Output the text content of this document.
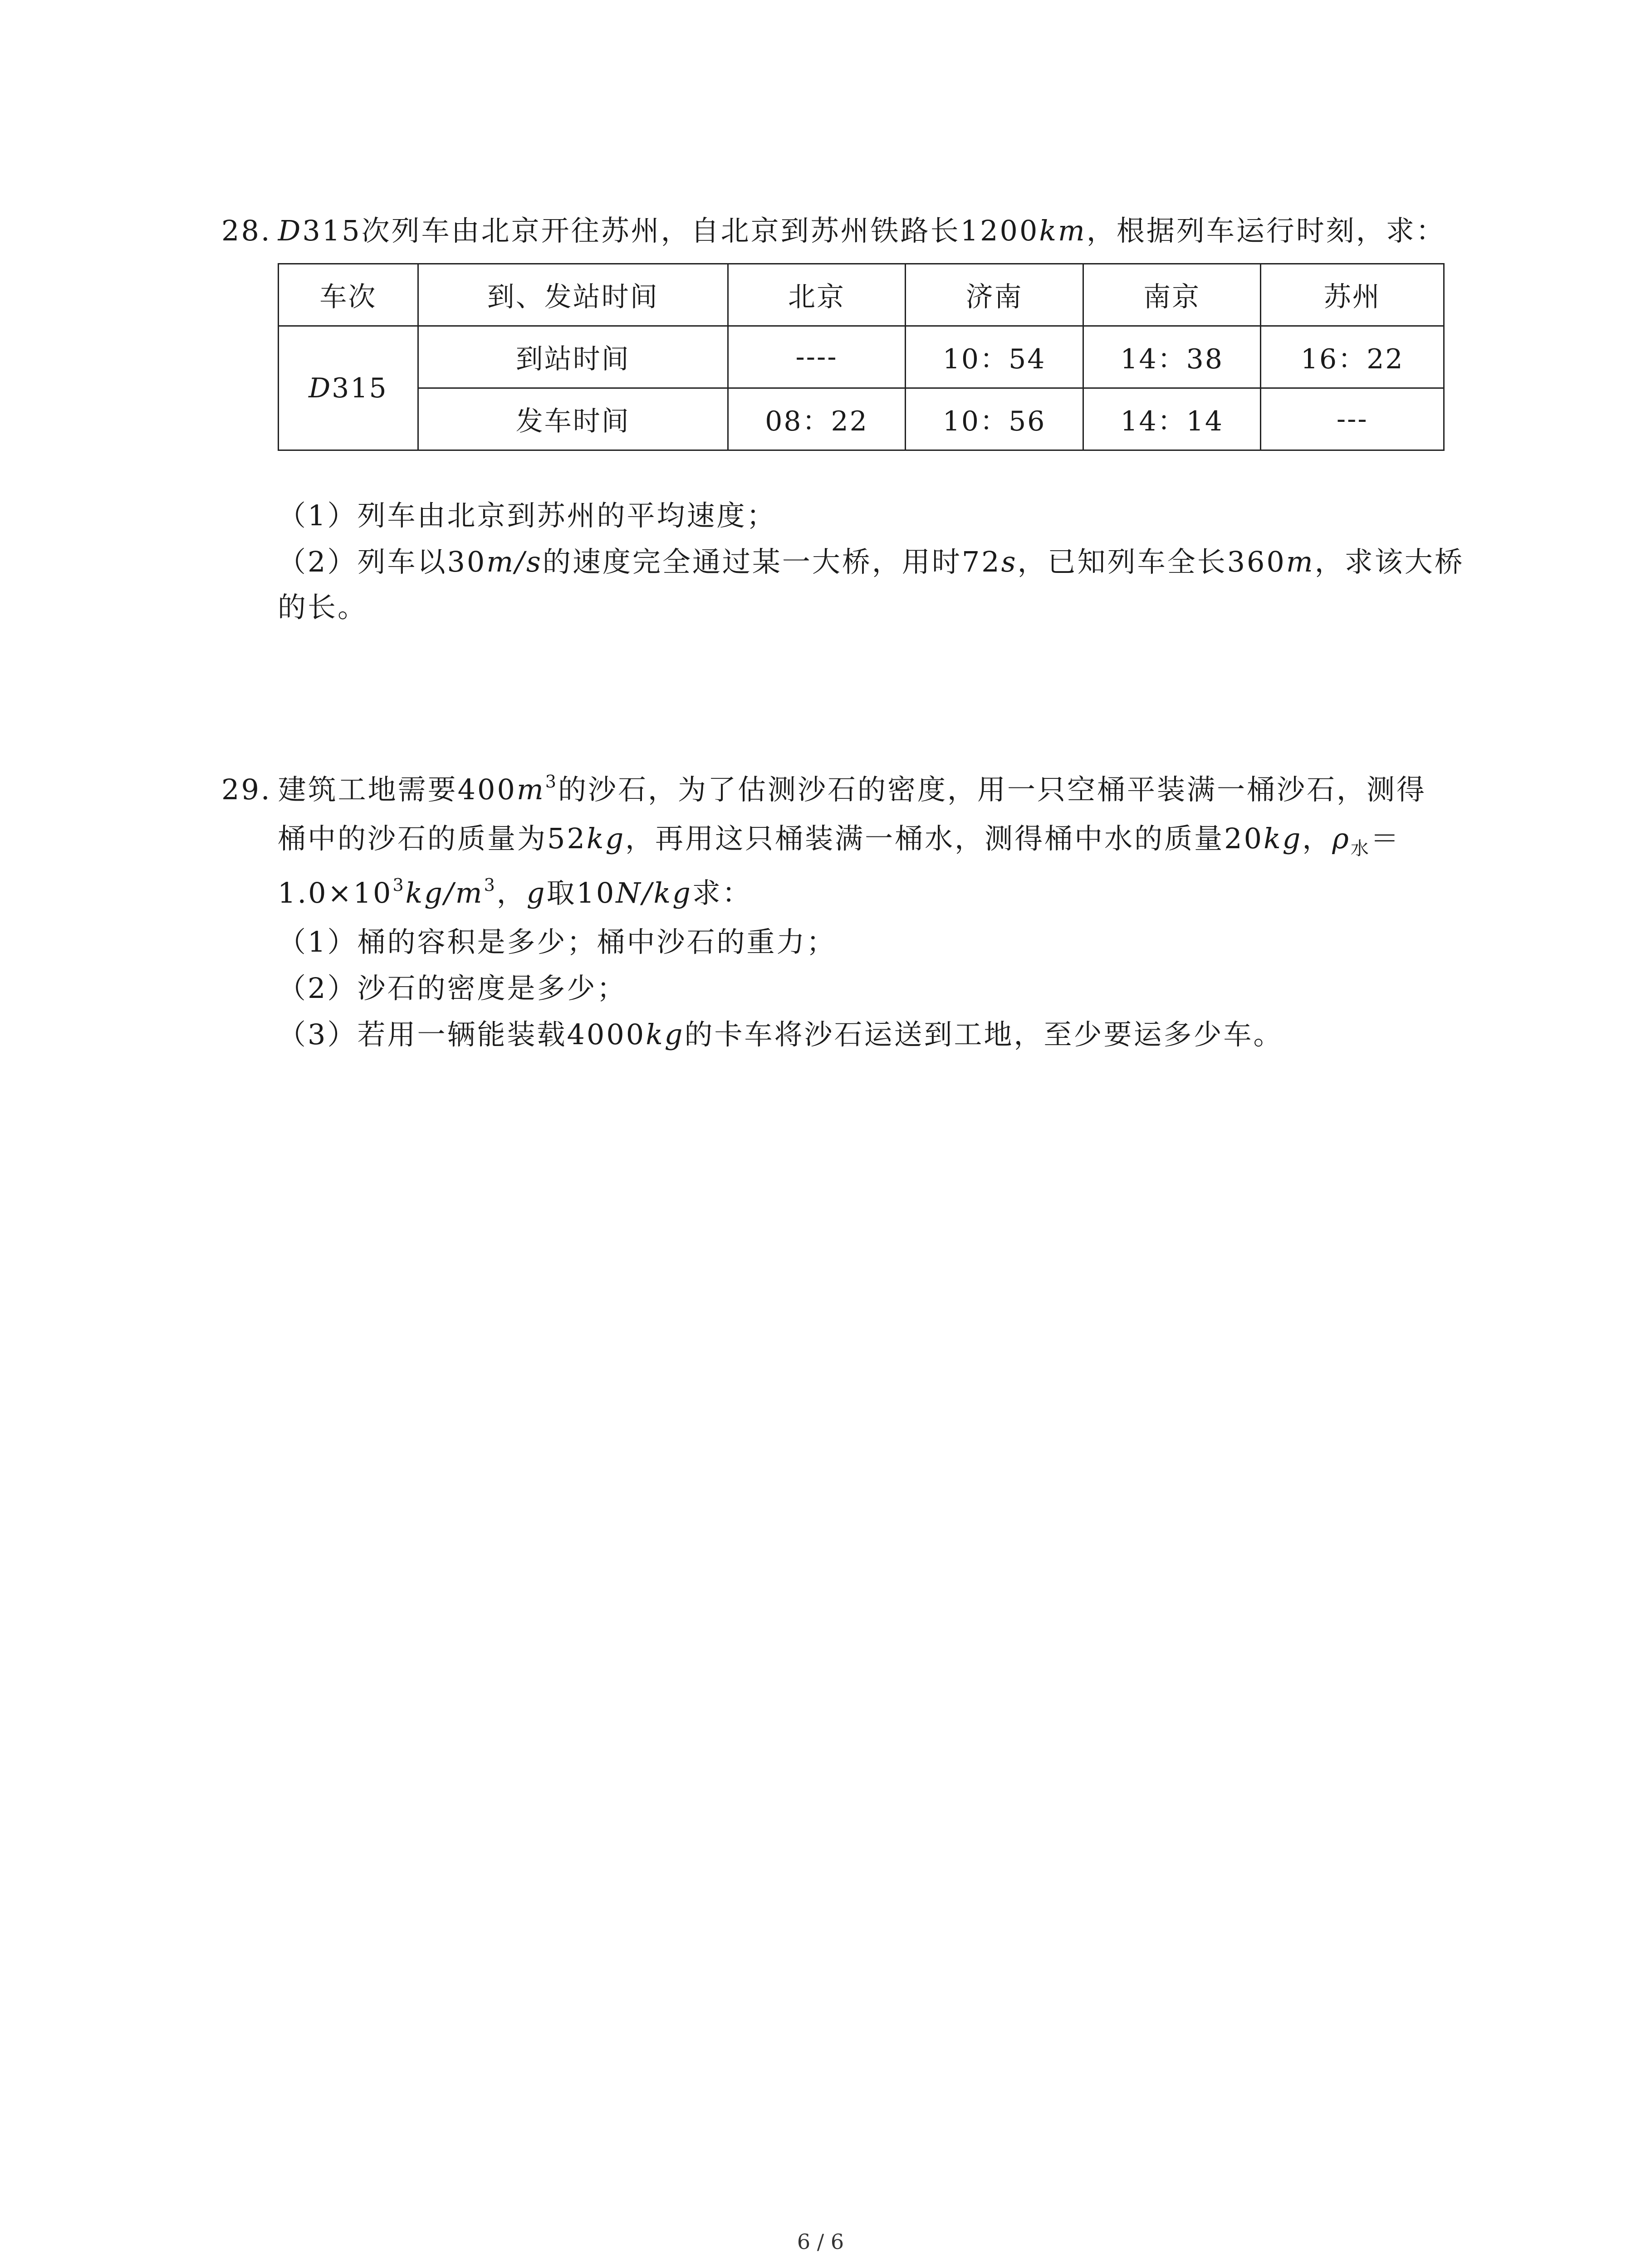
28. D315次列车由北京开往苏州，自北京到苏州铁路长1200km，根据列车运行时刻，求：
车次	到、发站时间	北京	济南	南京	苏州
D315	到站时间	----	10：54	14：38	16：22
	发车时间	08：22	10：56	14：14	---
（1）列车由北京到苏州的平均速度；
（2）列车以30m/s的速度完全通过某一大桥，用时72s，已知列车全长360m，求该大桥
的长。
29. 建筑工地需要$400m^3$的沙石，为了估测沙石的密度，用一只空桶平装满一桶沙石，测得
桶中的沙石的质量为52kg，再用这只桶装满一桶水，测得桶中水的质量20kg，$\rho_水=$
$1.0\times 10^3kg/m^3$，g取10N/kg求：
（1）桶的容积是多少；桶中沙石的重力；
（2）沙石的密度是多少；
（3）若用一辆能装载4000kg的卡车将沙石运送到工地，至少要运多少车。
6 / 6
